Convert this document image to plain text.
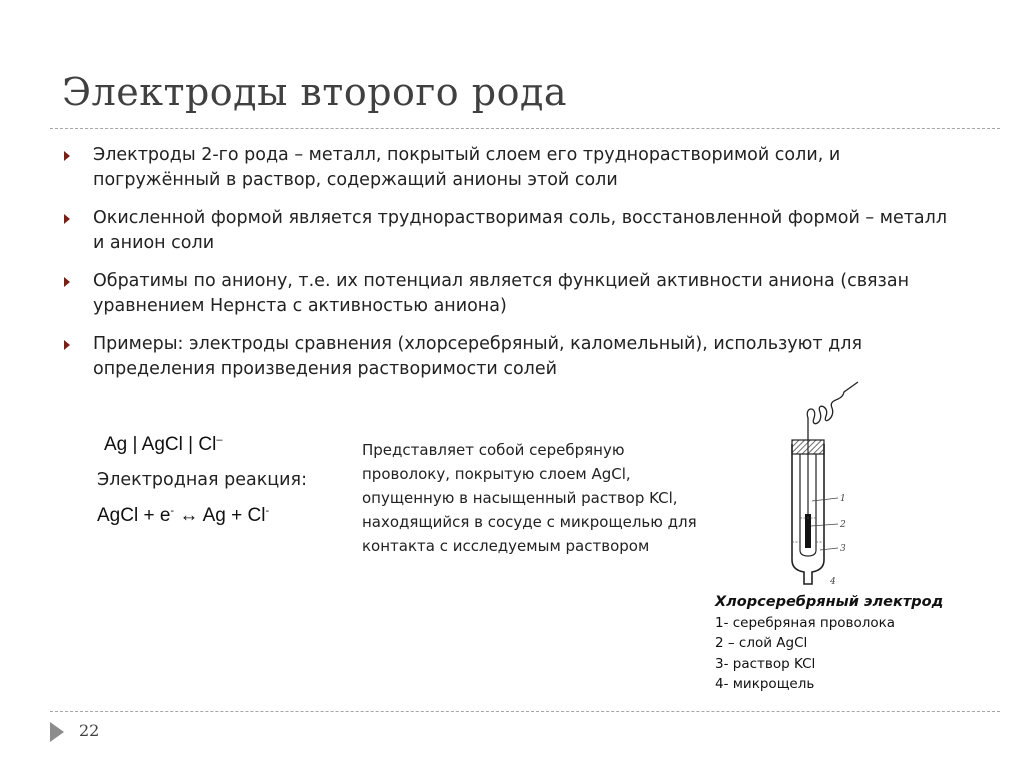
Электроды второго рода
Электроды 2-го рода – металл, покрытый слоем его труднорастворимой соли, и погружённый в раствор, содержащий анионы этой соли
Окисленной формой является труднорастворимая соль, восстановленной формой – металл и анион соли
Обратимы по аниону, т.е. их потенциал является функцией активности аниона (связан уравнением Нернста с активностью аниона)
Примеры: электроды сравнения (хлорсеребряный, каломельный), используют для определения произведения растворимости солей
Ag | AgCl | Cl–
Электродная реакция:
AgCl + e- ↔ Ag + Cl-

Представляет собой серебряную проволоку, покрытую слоем AgCl, опущенную в насыщенный раствор KCl, находящийся в сосуде с микрощелью для контакта с исследуемым раствором

1
2
3
4
Хлорсеребряный электрод
1- серебряная проволока
2 – слой AgCl
3- раствор KCl
4- микрощель
22
